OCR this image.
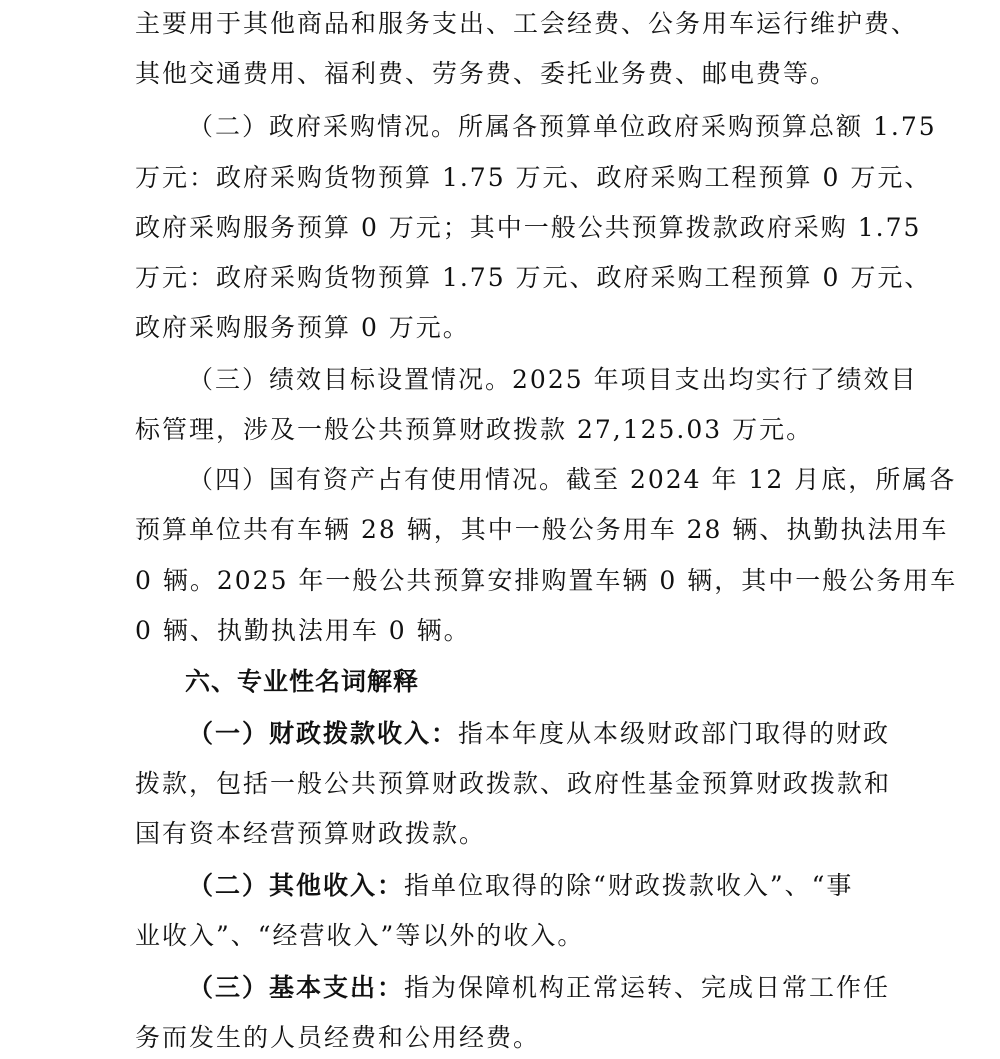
主要用于其他商品和服务支出、工会经费、公务用车运行维护费、
其他交通费用、福利费、劳务费、委托业务费、邮电费等。
（二）政府采购情况。所属各预算单位政府采购预算总额 1.75
万元：政府采购货物预算 1.75 万元、政府采购工程预算 0 万元、
政府采购服务预算 0 万元；其中一般公共预算拨款政府采购 1.75
万元：政府采购货物预算 1.75 万元、政府采购工程预算 0 万元、
政府采购服务预算 0 万元。
（三）绩效目标设置情况。2025 年项目支出均实行了绩效目
标管理，涉及一般公共预算财政拨款 27,125.03 万元。
（四）国有资产占有使用情况。截至 2024 年 12 月底，所属各
预算单位共有车辆 28 辆，其中一般公务用车 28 辆、执勤执法用车
0 辆。2025 年一般公共预算安排购置车辆 0 辆，其中一般公务用车
0 辆、执勤执法用车 0 辆。
六、专业性名词解释
（一）财政拨款收入：指本年度从本级财政部门取得的财政
拨款，包括一般公共预算财政拨款、政府性基金预算财政拨款和
国有资本经营预算财政拨款。
（二）其他收入：指单位取得的除“财政拨款收入”、“事
业收入”、“经营收入”等以外的收入。
（三）基本支出：指为保障机构正常运转、完成日常工作任
务而发生的人员经费和公用经费。
